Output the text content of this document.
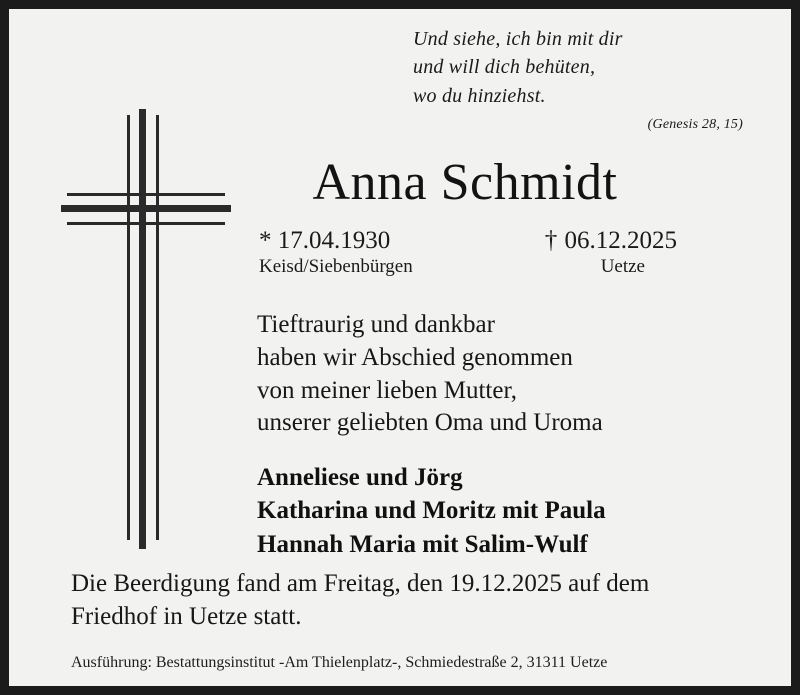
Und siehe, ich bin mit dir
und will dich behüten,
wo du hinziehst.
(Genesis 28, 15)
Anna Schmidt
* 17.04.1930	† 06.12.2025
Keisd/Siebenbürgen	Uetze
Tieftraurig und dankbar
haben wir Abschied genommen
von meiner lieben Mutter,
unserer geliebten Oma und Uroma
Anneliese und Jörg
Katharina und Moritz mit Paula
Hannah Maria mit Salim-Wulf
Die Beerdigung fand am Freitag, den 19.12.2025 auf dem
Friedhof in Uetze statt.
Ausführung: Bestattungsinstitut -Am Thielenplatz-, Schmiedestraße 2, 31311 Uetze
